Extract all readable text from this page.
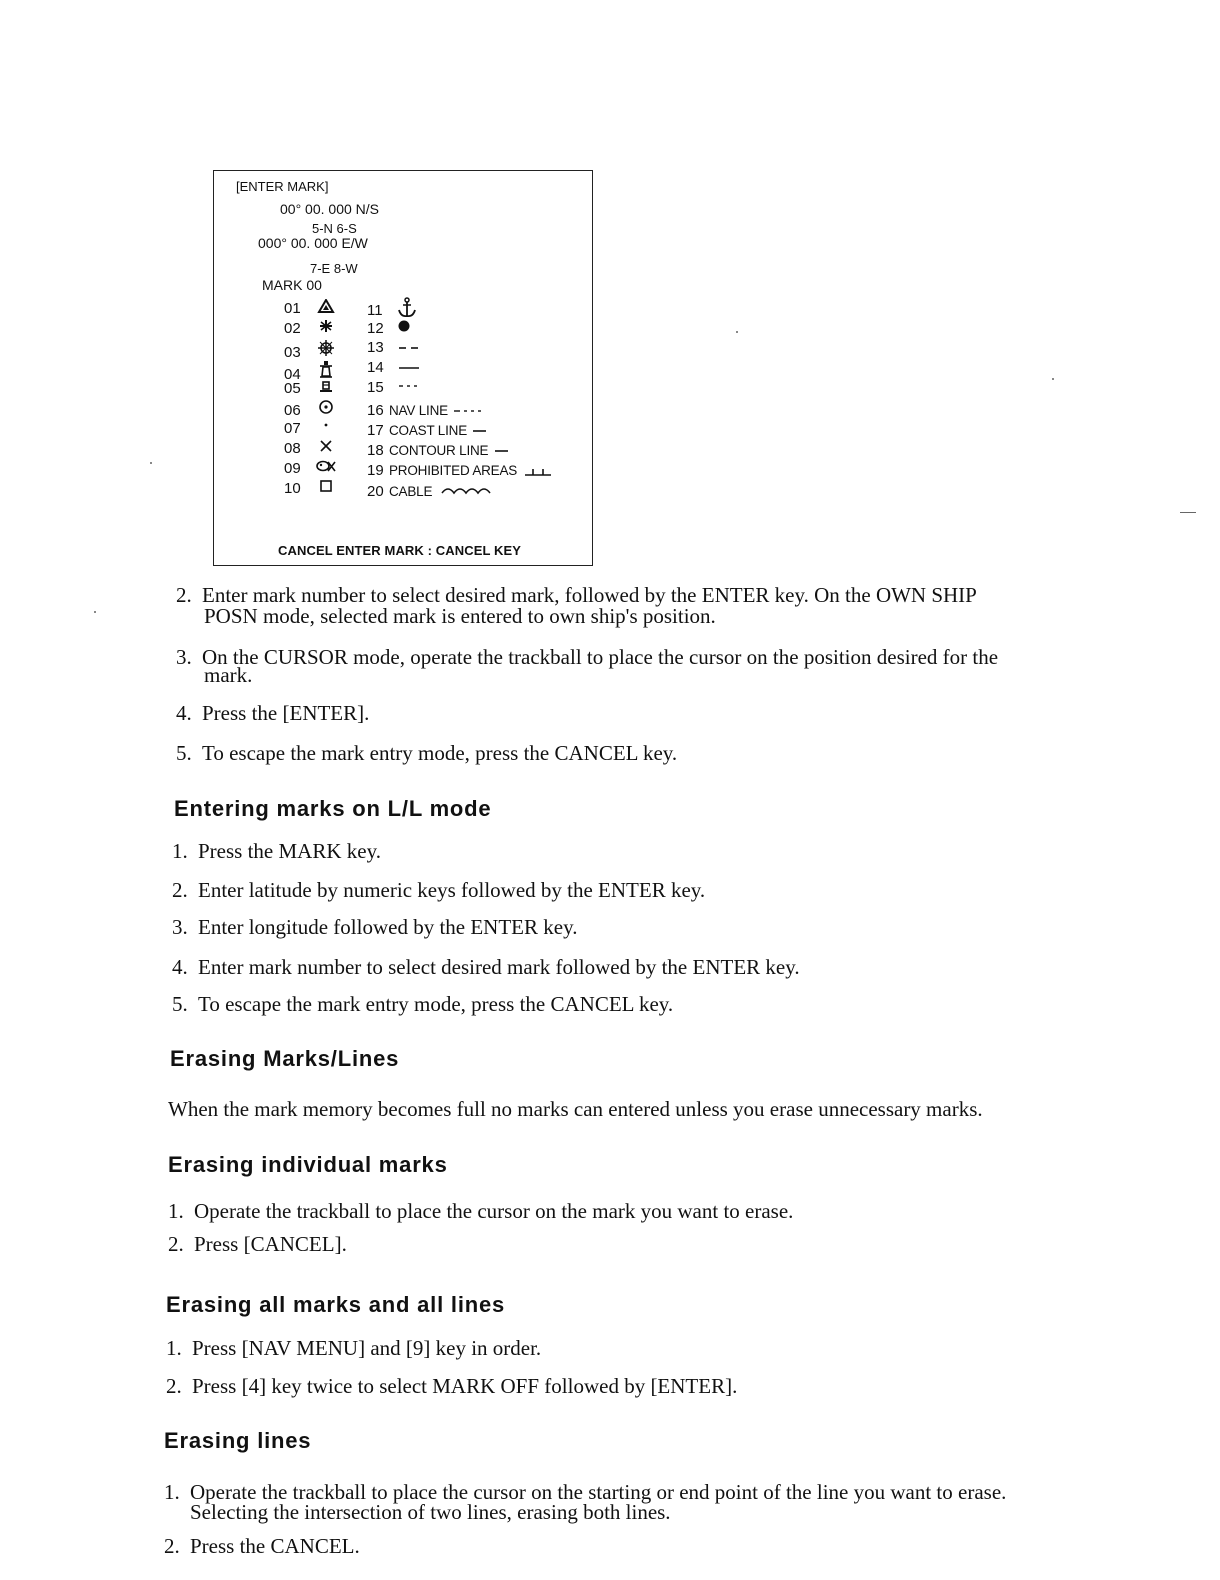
[ENTER MARK]
00° 00. 000 N/S
5-N 6-S
000° 00. 000 E/W
7-E 8-W
MARK 00
01
02
03
04
05
06
07
08
09
10
11
12
13
14
15
16 NAV LINE
17 COAST LINE
18 CONTOUR LINE
19 PROHIBITED AREAS
20 CABLE
CANCEL ENTER MARK : CANCEL KEY
2. Enter mark number to select desired mark, followed by the ENTER key. On the OWN SHIP
POSN mode, selected mark is entered to own ship's position.
3. On the CURSOR mode, operate the trackball to place the cursor on the position desired for the
mark.
4. Press the [ENTER].
5. To escape the mark entry mode, press the CANCEL key.
Entering marks on L/L mode
1. Press the MARK key.
2. Enter latitude by numeric keys followed by the ENTER key.
3. Enter longitude followed by the ENTER key.
4. Enter mark number to select desired mark followed by the ENTER key.
5. To escape the mark entry mode, press the CANCEL key.
Erasing Marks/Lines
When the mark memory becomes full no marks can entered unless you erase unnecessary marks.
Erasing individual marks
1. Operate the trackball to place the cursor on the mark you want to erase.
2. Press [CANCEL].
Erasing all marks and all lines
1. Press [NAV MENU] and [9] key in order.
2. Press [4] key twice to select MARK OFF followed by [ENTER].
Erasing lines
1. Operate the trackball to place the cursor on the starting or end point of the line you want to erase.
Selecting the intersection of two lines, erasing both lines.
2. Press the CANCEL.
